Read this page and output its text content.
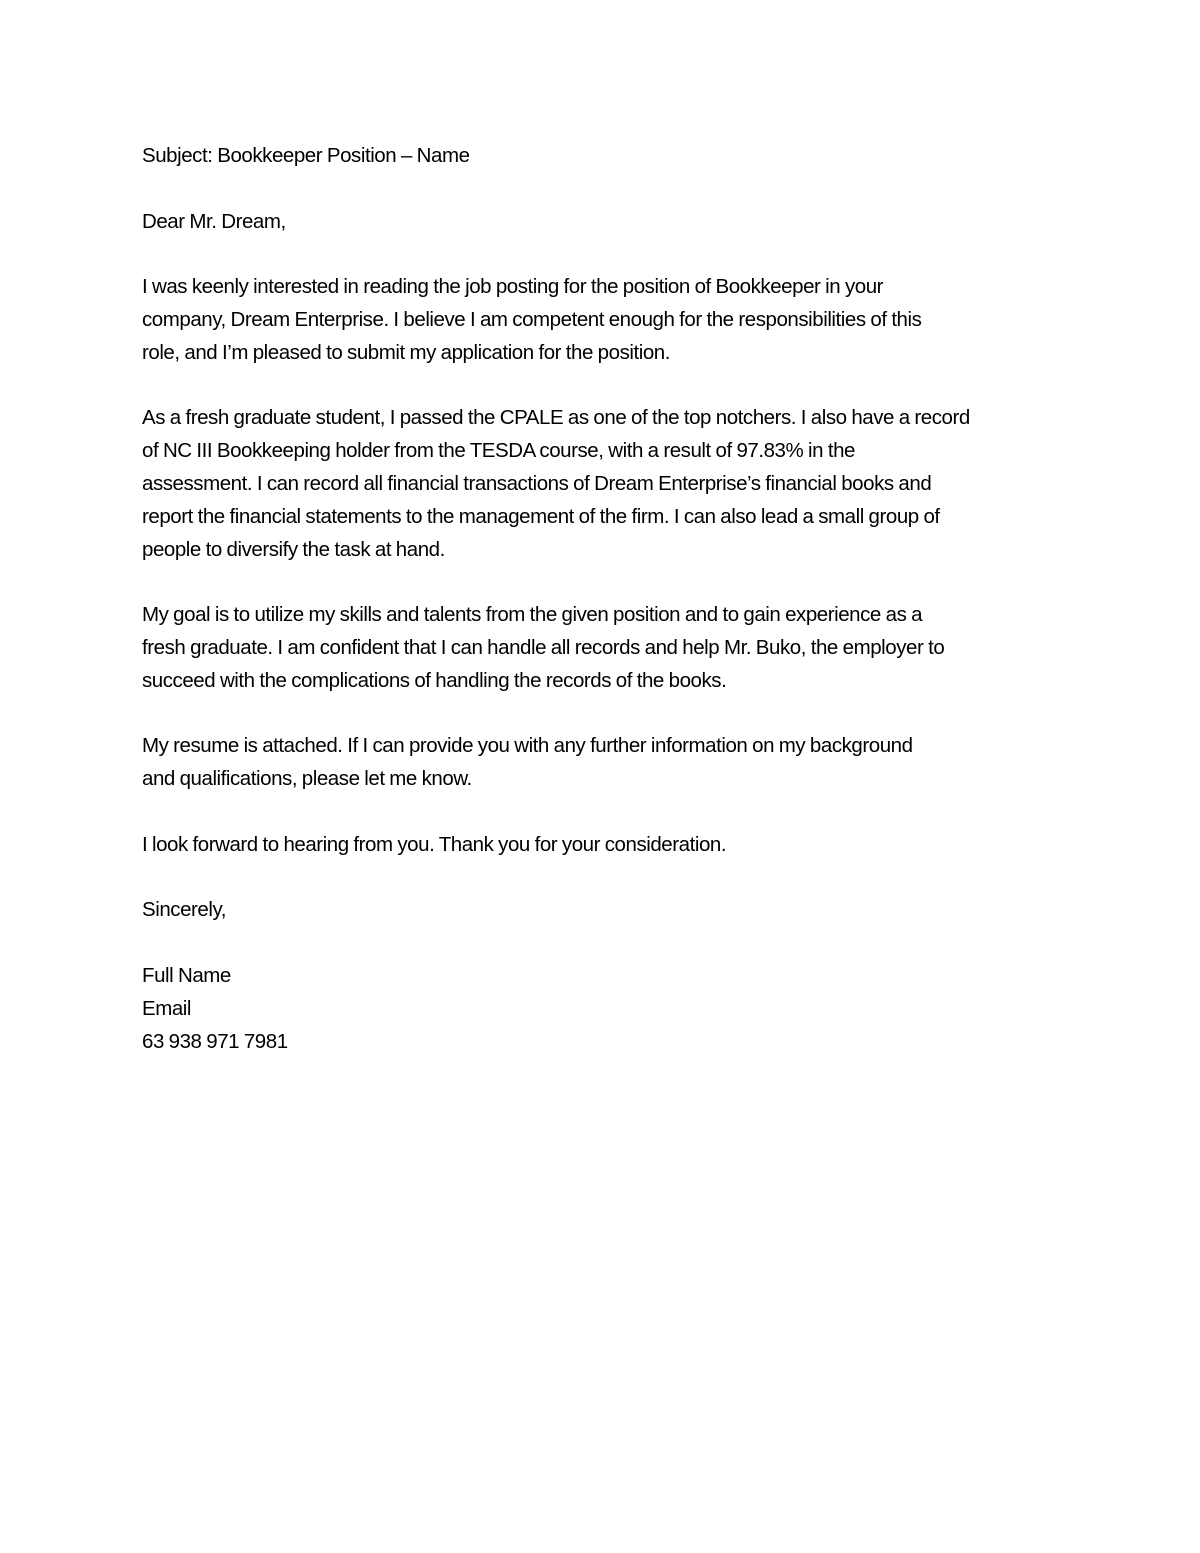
Subject: Bookkeeper Position – Name
Dear Mr. Dream,
I was keenly interested in reading the job posting for the position of Bookkeeper in your
company, Dream Enterprise. I believe I am competent enough for the responsibilities of this
role, and I’m pleased to submit my application for the position.
As a fresh graduate student, I passed the CPALE as one of the top notchers. I also have a record
of NC III Bookkeeping holder from the TESDA course, with a result of 97.83% in the
assessment. I can record all financial transactions of Dream Enterprise’s financial books and
report the financial statements to the management of the firm. I can also lead a small group of
people to diversify the task at hand.
My goal is to utilize my skills and talents from the given position and to gain experience as a
fresh graduate. I am confident that I can handle all records and help Mr. Buko, the employer to
succeed with the complications of handling the records of the books.
My resume is attached. If I can provide you with any further information on my background
and qualifications, please let me know.
I look forward to hearing from you. Thank you for your consideration.
Sincerely,
Full Name
Email
63 938 971 7981
